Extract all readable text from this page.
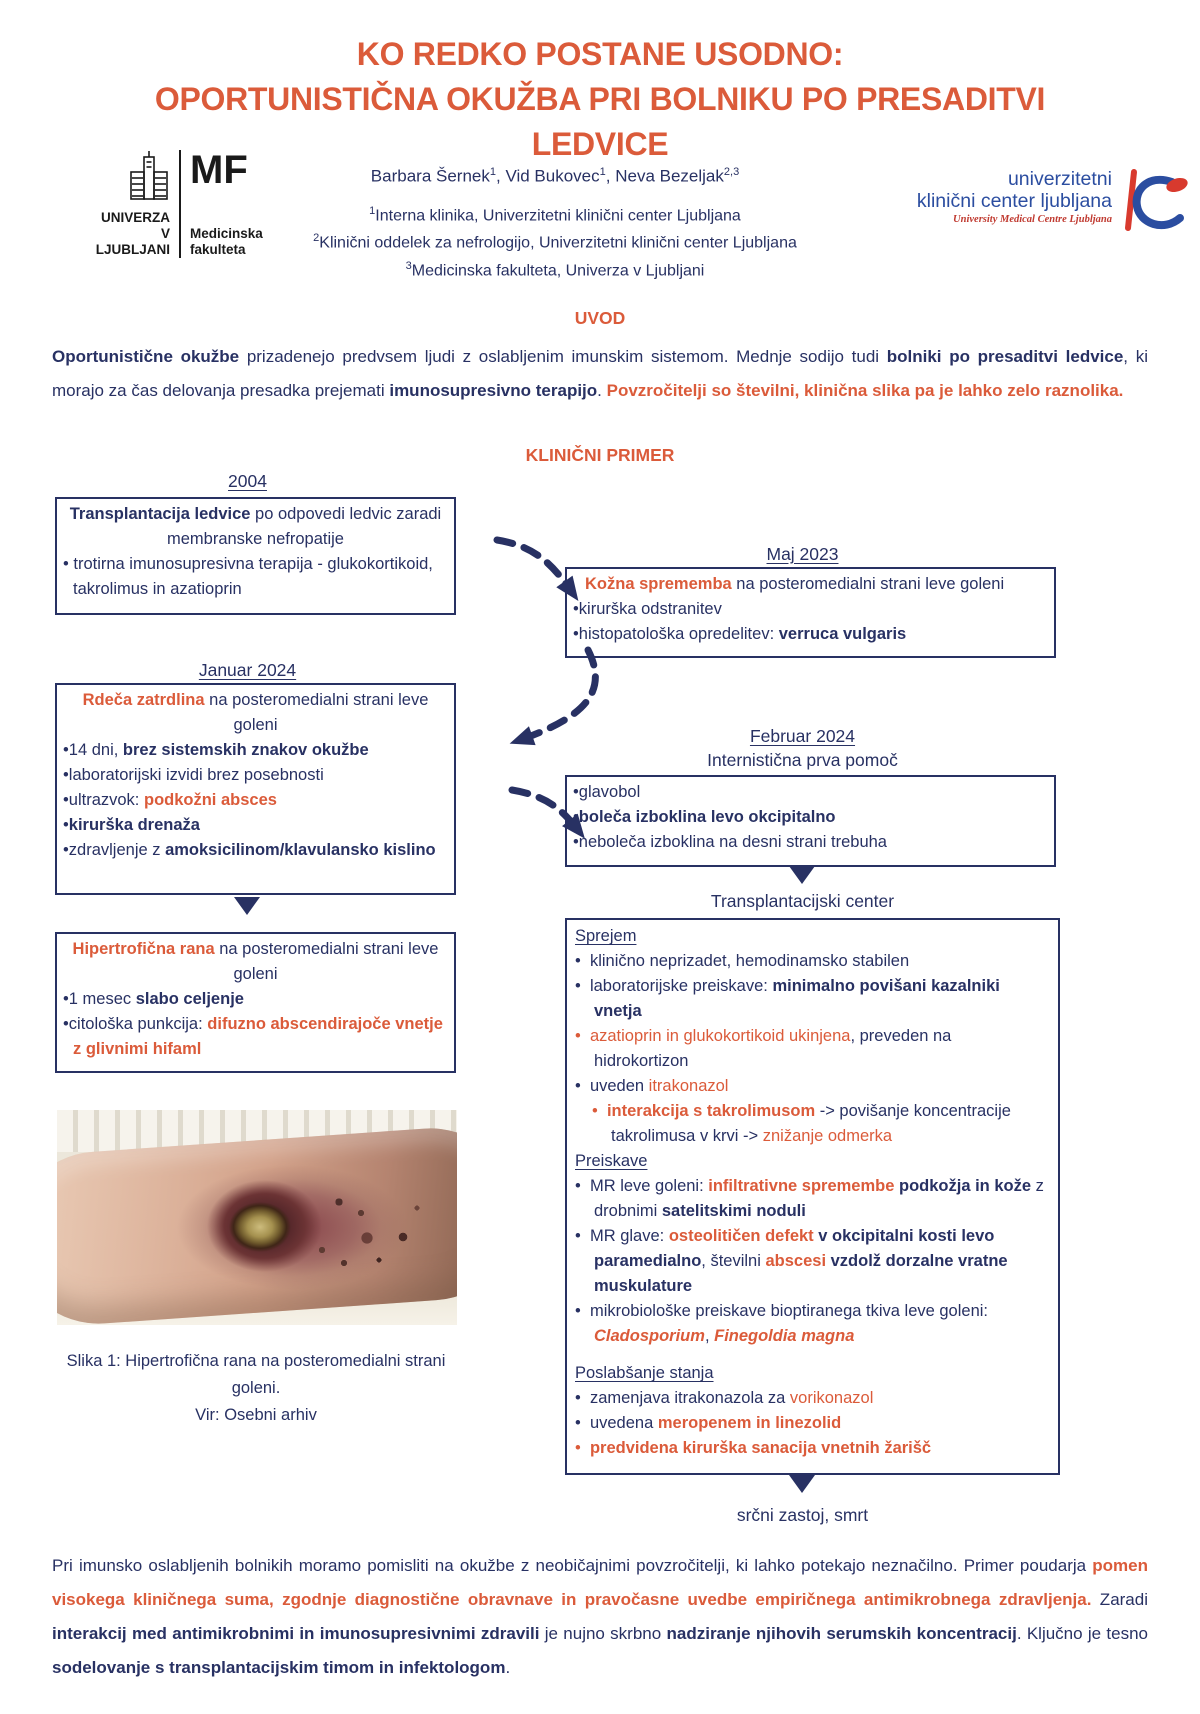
KO REDKO POSTANE USODNO:
OPORTUNISTIČNA OKUŽBA PRI BOLNIKU PO PRESADITVI
LEDVICE
UNIVERZA
V LJUBLJANI
MF
Medicinska
fakulteta
Barbara Šernek$^1$, Vid Bukovec$^1$, Neva Bezeljak$^{2,3}$
$^1$Interna klinika, Univerzitetni klinični center Ljubljana
$^2$Klinični oddelek za nefrologijo, Univerzitetni klinični center Ljubljana
$^3$Medicinska fakulteta, Univerza v Ljubljani
univerzitetni
klinični center ljubljana
University Medical Centre Ljubljana
UVOD
Oportunistične okužbe prizadenejo predvsem ljudi z oslabljenim imunskim sistemom. Mednje sodijo tudi bolniki po presaditvi ledvice, ki morajo za čas delovanja presadka prejemati imunosupresivno terapijo. Povzročitelji so številni, klinična slika pa je lahko zelo raznolika.
KLINIČNI PRIMER
2004
Transplantacija ledvice po odpovedi ledvic zaradi membranske nefropatije
• trotirna imunosupresivna terapija - glukokortikoid, takrolimus in azatioprin
Januar 2024
Rdeča zatrdlina na posteromedialni strani leve goleni
• 14 dni, brez sistemskih znakov okužbe
• laboratorijski izvidi brez posebnosti
• ultrazvok: podkožni absces
• kirurška drenaža
• zdravljenje z amoksicilinom/klavulansko kislino
Hipertrofična rana na posteromedialni strani leve goleni
• 1 mesec slabo celjenje
• citološka punkcija: difuzno abscendirajoče vnetje z glivnimi hifaml
Slika 1: Hipertrofična rana na posteromedialni strani goleni.
Vir: Osebni arhiv
Maj 2023
Kožna sprememba na posteromedialni strani leve goleni
• kirurška odstranitev
• histopatološka opredelitev: verruca vulgaris
Februar 2024
Internistična prva pomoč
• glavobol
• boleča izboklina levo okcipitalno
• neboleča izboklina na desni strani trebuha
Transplantacijski center
Sprejem
•  klinično neprizadet, hemodinamsko stabilen
•  laboratorijske preiskave: minimalno povišani kazalniki vnetja
•  azatioprin in glukokortikoid ukinjena, preveden na hidrokortizon
•  uveden itrakonazol
•  interakcija s takrolimusom -> povišanje koncentracije takrolimusa v krvi -> znižanje odmerka
Preiskave
•  MR leve goleni: infiltrativne spremembe podkožja in kože z drobnimi satelitskimi noduli
•  MR glave: osteolitičen defekt v okcipitalni kosti levo paramedialno, številni abscesi vzdolž dorzalne vratne muskulature
•  mikrobiološke preiskave bioptiranega tkiva leve goleni: Cladosporium, Finegoldia magna
Poslabšanje stanja
•  zamenjava itrakonazola za vorikonazol
•  uvedena meropenem in linezolid
•  predvidena kirurška sanacija vnetnih žarišč
srčni zastoj, smrt
Pri imunsko oslabljenih bolnikih moramo pomisliti na okužbe z neobičajnimi povzročitelji, ki lahko potekajo neznačilno. Primer poudarja pomen visokega kliničnega suma, zgodnje diagnostične obravnave in pravočasne uvedbe empiričnega antimikrobnega zdravljenja. Zaradi interakcij med antimikrobnimi in imunosupresivnimi zdravili je nujno skrbno nadziranje njihovih serumskih koncentracij. Ključno je tesno sodelovanje s transplantacijskim timom in infektologom.
